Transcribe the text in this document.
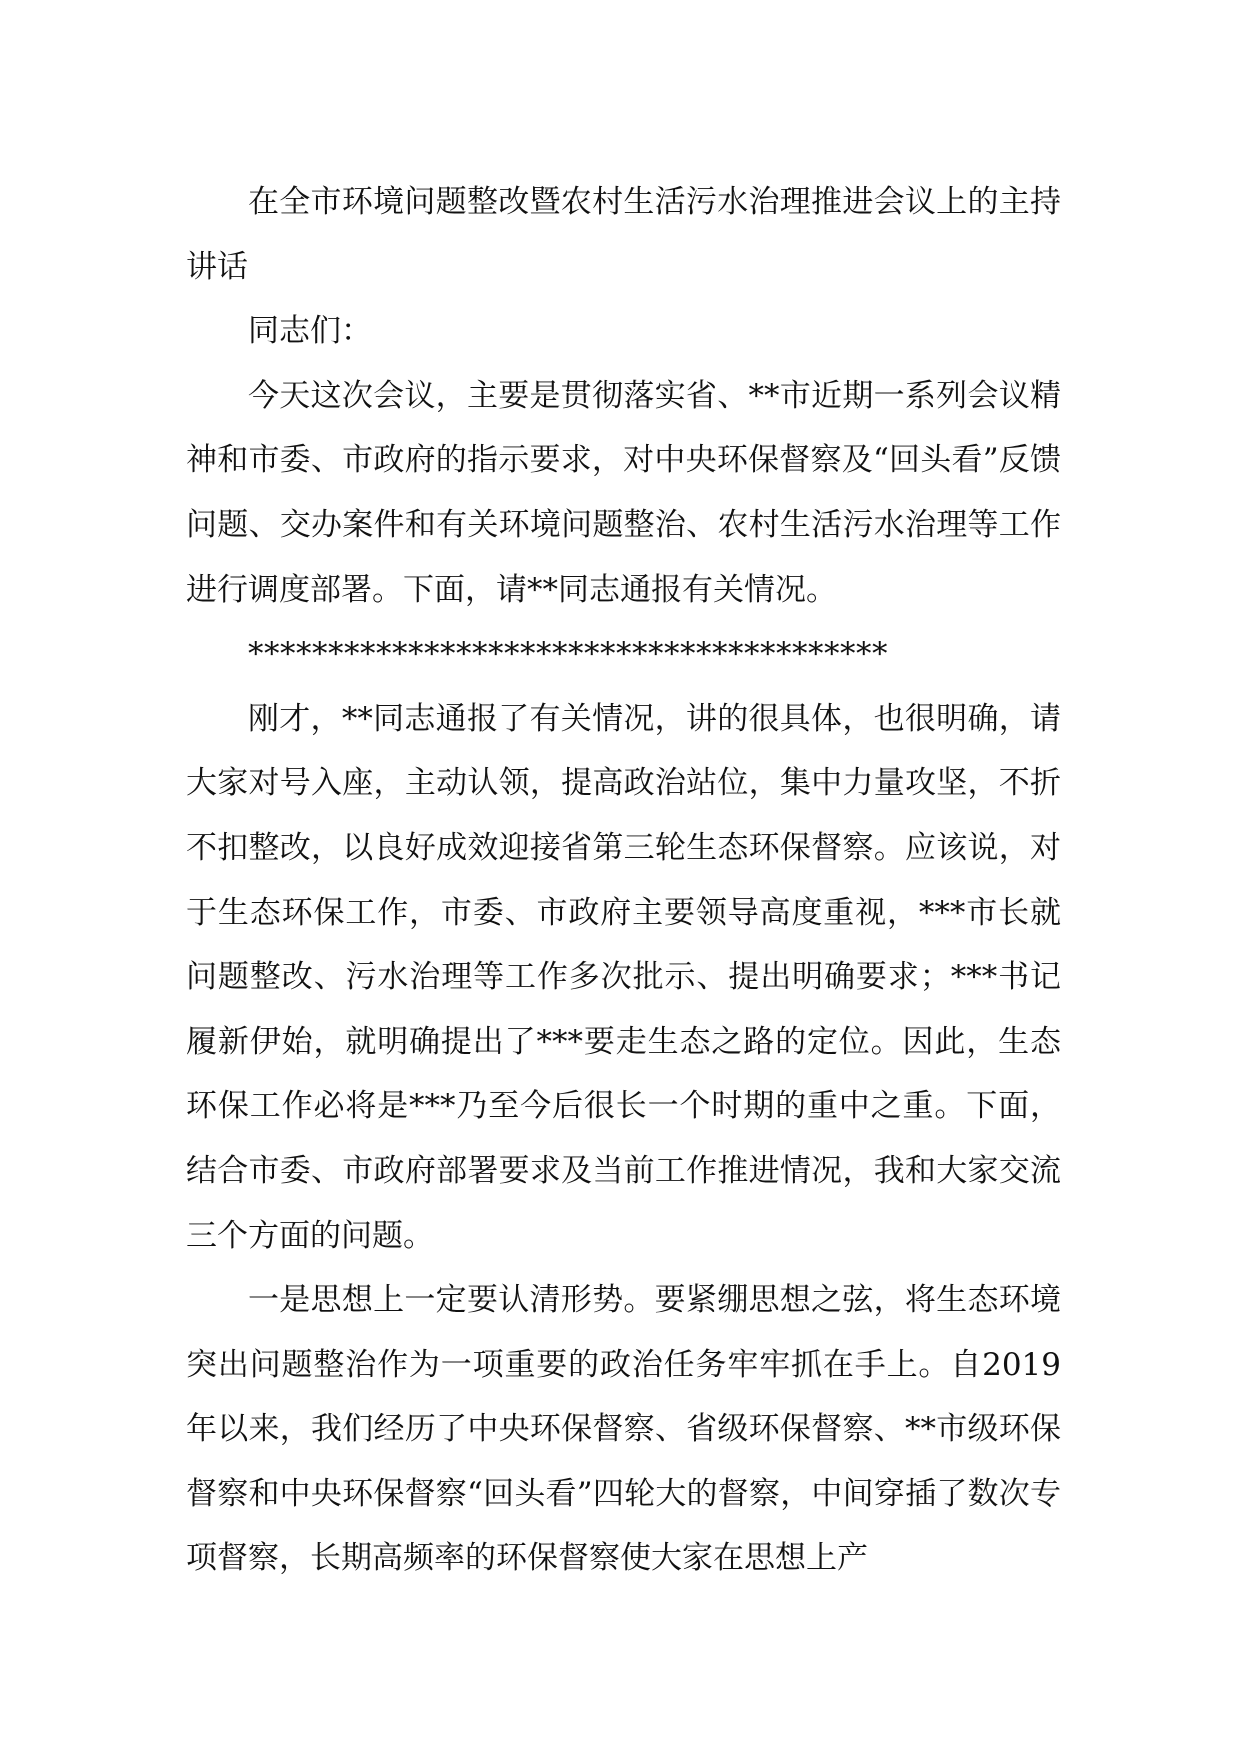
在全市环境问题整改暨农村生活污水治理推进会议上的主持讲话

同志们：

今天这次会议，主要是贯彻落实省、**市近期一系列会议精神和市委、市政府的指示要求，对中央环保督察及“回头看”反馈问题、交办案件和有关环境问题整治、农村生活污水治理等工作进行调度部署。下面，请**同志通报有关情况。

****************************************

刚才，**同志通报了有关情况，讲的很具体，也很明确，请大家对号入座，主动认领，提高政治站位，集中力量攻坚，不折不扣整改，以良好成效迎接省第三轮生态环保督察。应该说，对于生态环保工作，市委、市政府主要领导高度重视，***市长就问题整改、污水治理等工作多次批示、提出明确要求；***书记履新伊始，就明确提出了***要走生态之路的定位。因此，生态环保工作必将是***乃至今后很长一个时期的重中之重。下面，结合市委、市政府部署要求及当前工作推进情况，我和大家交流三个方面的问题。

一是思想上一定要认清形势。要紧绷思想之弦，将生态环境突出问题整治作为一项重要的政治任务牢牢抓在手上。自2019年以来，我们经历了中央环保督察、省级环保督察、**市级环保督察和中央环保督察“回头看”四轮大的督察，中间穿插了数次专项督察，长期高频率的环保督察使大家在思想上产
